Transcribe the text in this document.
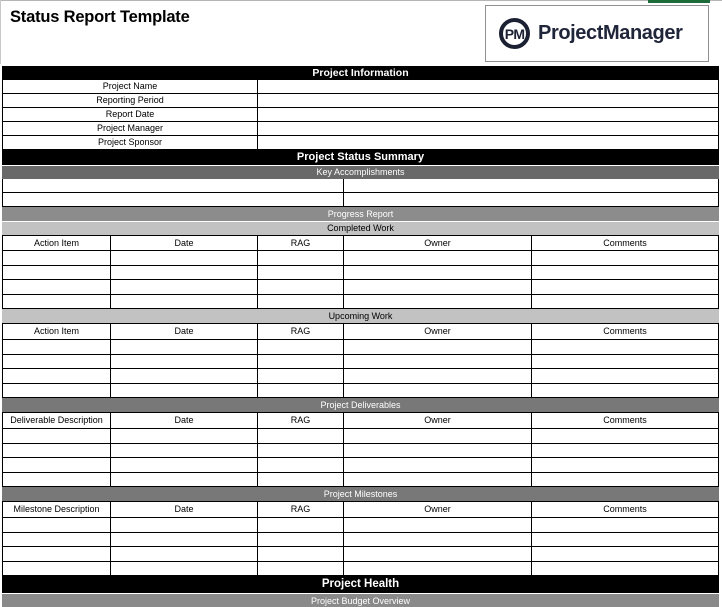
Status Report Template
PM ProjectManager
Project Information
Project Name
Reporting Period
Report Date
Project Manager
Project Sponsor
Project Status Summary
Key Accomplishments
Progress Report
Completed Work
Action Item	Date	RAG	Owner	Comments
Upcoming Work
Action Item	Date	RAG	Owner	Comments
Project Deliverables
Deliverable Description	Date	RAG	Owner	Comments
Project Milestones
Milestone Description	Date	RAG	Owner	Comments
Project Health
Project Budget Overview
